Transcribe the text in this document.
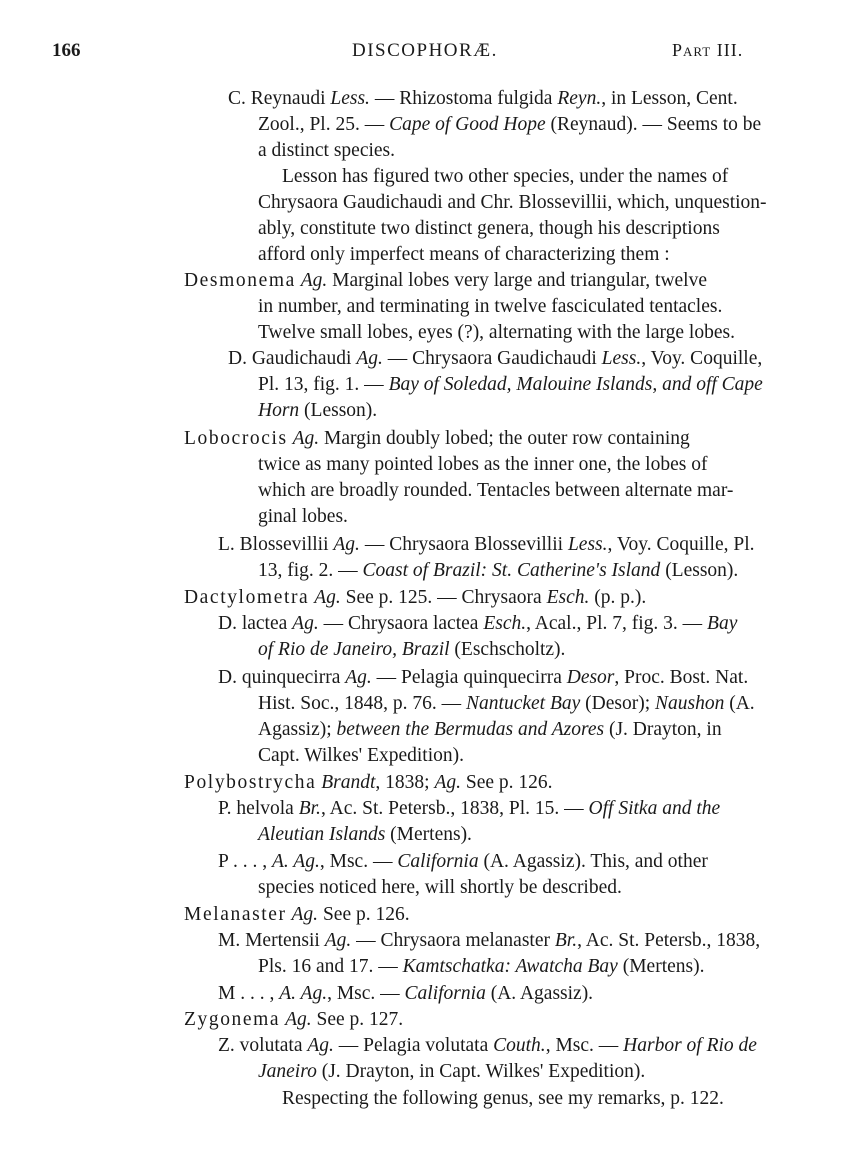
166	DISCOPHORÆ.	Part III.
C. Reynaudi Less. — Rhizostoma fulgida Reyn., in Lesson, Cent.
Zool., Pl. 25. — Cape of Good Hope (Reynaud). — Seems to be
a distinct species.
Lesson has figured two other species, under the names of
Chrysaora Gaudichaudi and Chr. Blossevillii, which, unquestion-
ably, constitute two distinct genera, though his descriptions
afford only imperfect means of characterizing them :
Desmonema Ag. Marginal lobes very large and triangular, twelve
in number, and terminating in twelve fasciculated tentacles.
Twelve small lobes, eyes (?), alternating with the large lobes.
D. Gaudichaudi Ag. — Chrysaora Gaudichaudi Less., Voy. Coquille,
Pl. 13, fig. 1. — Bay of Soledad, Malouine Islands, and off Cape
Horn (Lesson).
Lobocrocis Ag. Margin doubly lobed; the outer row containing
twice as many pointed lobes as the inner one, the lobes of
which are broadly rounded. Tentacles between alternate mar-
ginal lobes.
L. Blossevillii Ag. — Chrysaora Blossevillii Less., Voy. Coquille, Pl.
13, fig. 2. — Coast of Brazil: St. Catherine's Island (Lesson).
Dactylometra Ag. See p. 125. — Chrysaora Esch. (p. p.).
D. lactea Ag. — Chrysaora lactea Esch., Acal., Pl. 7, fig. 3. — Bay
of Rio de Janeiro, Brazil (Eschscholtz).
D. quinquecirra Ag. — Pelagia quinquecirra Desor, Proc. Bost. Nat.
Hist. Soc., 1848, p. 76. — Nantucket Bay (Desor); Naushon (A.
Agassiz); between the Bermudas and Azores (J. Drayton, in
Capt. Wilkes' Expedition).
Polybostrycha Brandt, 1838; Ag. See p. 126.
P. helvola Br., Ac. St. Petersb., 1838, Pl. 15. — Off Sitka and the
Aleutian Islands (Mertens).
P . . . , A. Ag., Msc. — California (A. Agassiz). This, and other
species noticed here, will shortly be described.
Melanaster Ag. See p. 126.
M. Mertensii Ag. — Chrysaora melanaster Br., Ac. St. Petersb., 1838,
Pls. 16 and 17. — Kamtschatka: Awatcha Bay (Mertens).
M . . . , A. Ag., Msc. — California (A. Agassiz).
Zygonema Ag. See p. 127.
Z. volutata Ag. — Pelagia volutata Couth., Msc. — Harbor of Rio de
Janeiro (J. Drayton, in Capt. Wilkes' Expedition).
Respecting the following genus, see my remarks, p. 122.
